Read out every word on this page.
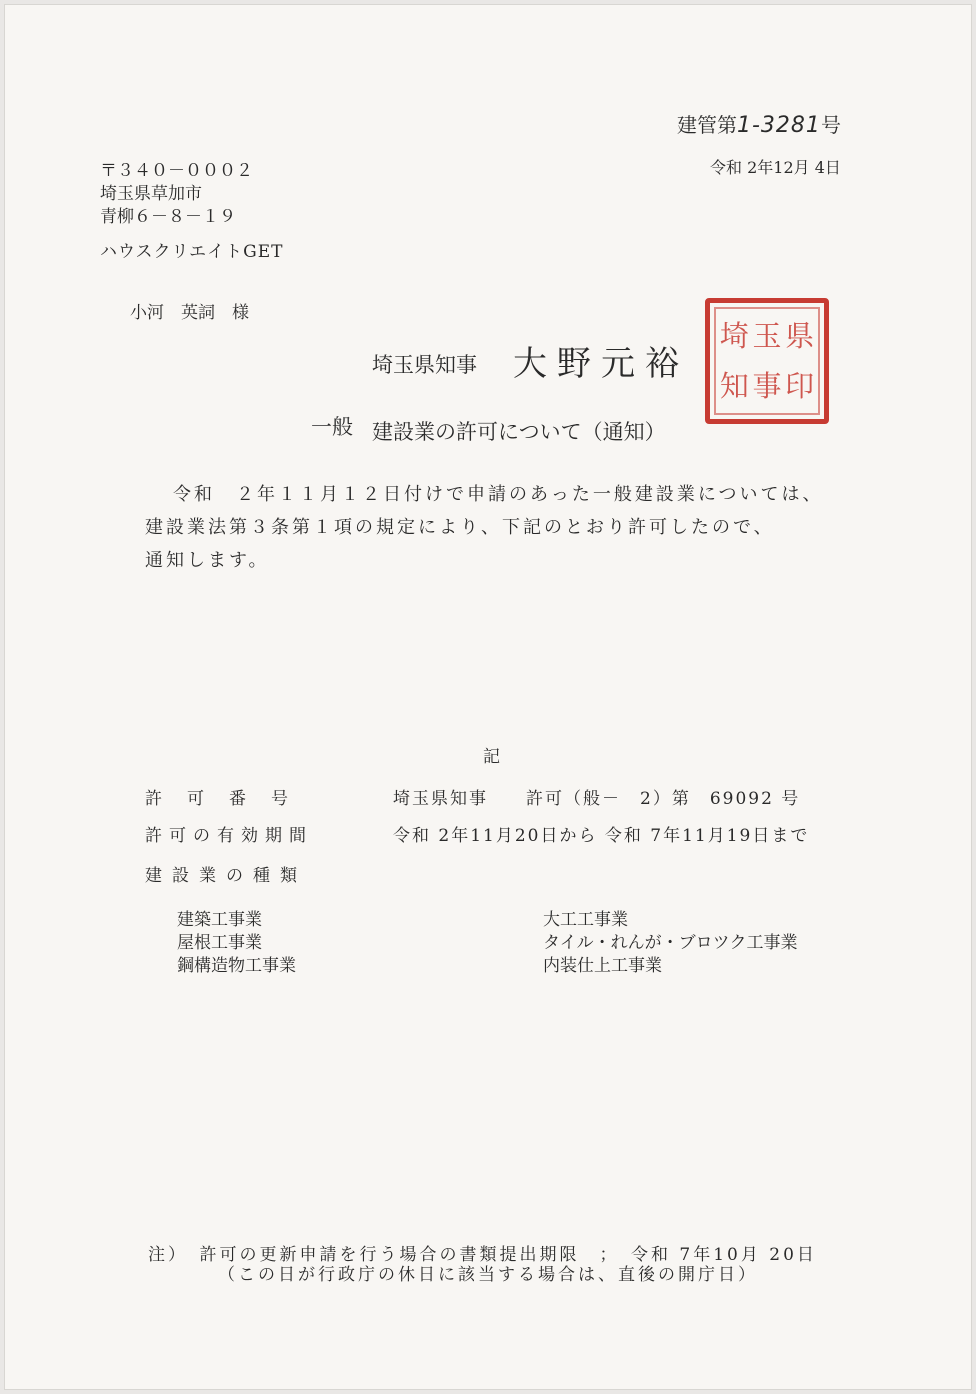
建管第1-3281号
令和 2年12月 4日
〒３４０－０００２
埼玉県草加市
青柳６－８－１９
ハウスクリエイトGET
小河　英詞　様
埼玉県知事 大野元裕
県
玉
埼
印
事
知
一般 建設業の許可について（通知）
令和　２年１１月１２日付けで申請のあった一般建設業については、
建設業法第３条第１項の規定により、下記のとおり許可したので、
通知します。
記
許可番号	埼玉県知事　　許可（般－　2）第　69092 号
許可の有効期間	令和 2年11月20日から 令和 7年11月19日まで
建設業の種類
建築工事業
屋根工事業
鋼構造物工事業
大工工事業
タイル・れんが・ブロツク工事業
内装仕上工事業
注）　許可の更新申請を行う場合の書類提出期限　；　令和 7年10月 20日
（この日が行政庁の休日に該当する場合は、直後の開庁日）
